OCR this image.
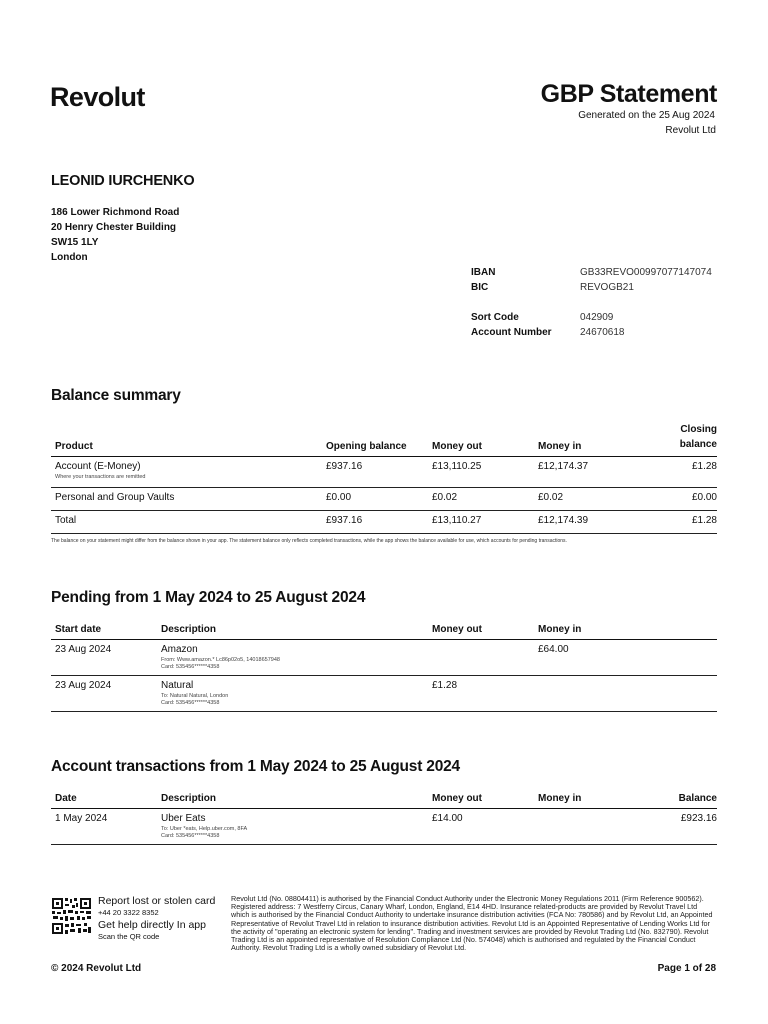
Revolut	GBP Statement
Generated on the 25 Aug 2024
Revolut Ltd
LEONID IURCHENKO
186 Lower Richmond Road
20 Henry Chester Building
SW15 1LY
London
IBAN	GB33REVO00997077147074
BIC	REVOGB21
Sort Code	042909
Account Number	24670618
Balance summary
Product	Opening balance	Money out	Money in	Closing
balance

Account (E-Money)
Where your transactions are remitted	£937.16	£13,110.25	£12,174.37	£1.28
Personal and Group Vaults	£0.00	£0.02	£0.02	£0.00
Total	£937.16	£13,110.27	£12,174.39	£1.28
The balance on your statement might differ from the balance shown in your app. The statement balance only reflects completed transactions, while the app shows the balance available for use, which accounts for pending transactions.
Pending from 1 May 2024 to 25 August 2024
Start date	Description	Money out	Money in
23 Aug 2024	Amazon
From: Www.amazon.* Lc86p02o5, 14018657948
Card: 535456******4358		£64.00
23 Aug 2024	Natural
To: Natural Natural, London
Card: 535456******4358	£1.28	
Account transactions from 1 May 2024 to 25 August 2024
Date	Description	Money out	Money in	Balance
1 May 2024	Uber Eats
To: Uber *eats, Help.uber.com, 8FA
Card: 535456******4358	£14.00		£923.16
Report lost or stolen card
+44 20 3322 8352
Get help directly In app
Scan the QR code
Revolut Ltd (No. 08804411) is authorised by the Financial Conduct Authority under the Electronic Money Regulations 2011 (Firm Reference 900562). Registered address: 7 Westferry Circus, Canary Wharf, London, England, E14 4HD. Insurance related-products are provided by Revolut Travel Ltd which is authorised by the Financial Conduct Authority to undertake insurance distribution activities (FCA No: 780586) and by Revolut Ltd, an Appointed Representative of Revolut Travel Ltd in relation to insurance distribution activities. Revolut Ltd is an Appointed Representative of Lending Works Ltd for the activity of "operating an electronic system for lending". Trading and investment services are provided by Revolut Trading Ltd (No. 832790). Revolut Trading Ltd is an appointed representative of Resolution Compliance Ltd (No. 574048) which is authorised and regulated by the Financial Conduct Authority. Revolut Trading Ltd is a wholly owned subsidiary of Revolut Ltd.
© 2024 Revolut Ltd	Page 1 of 28
